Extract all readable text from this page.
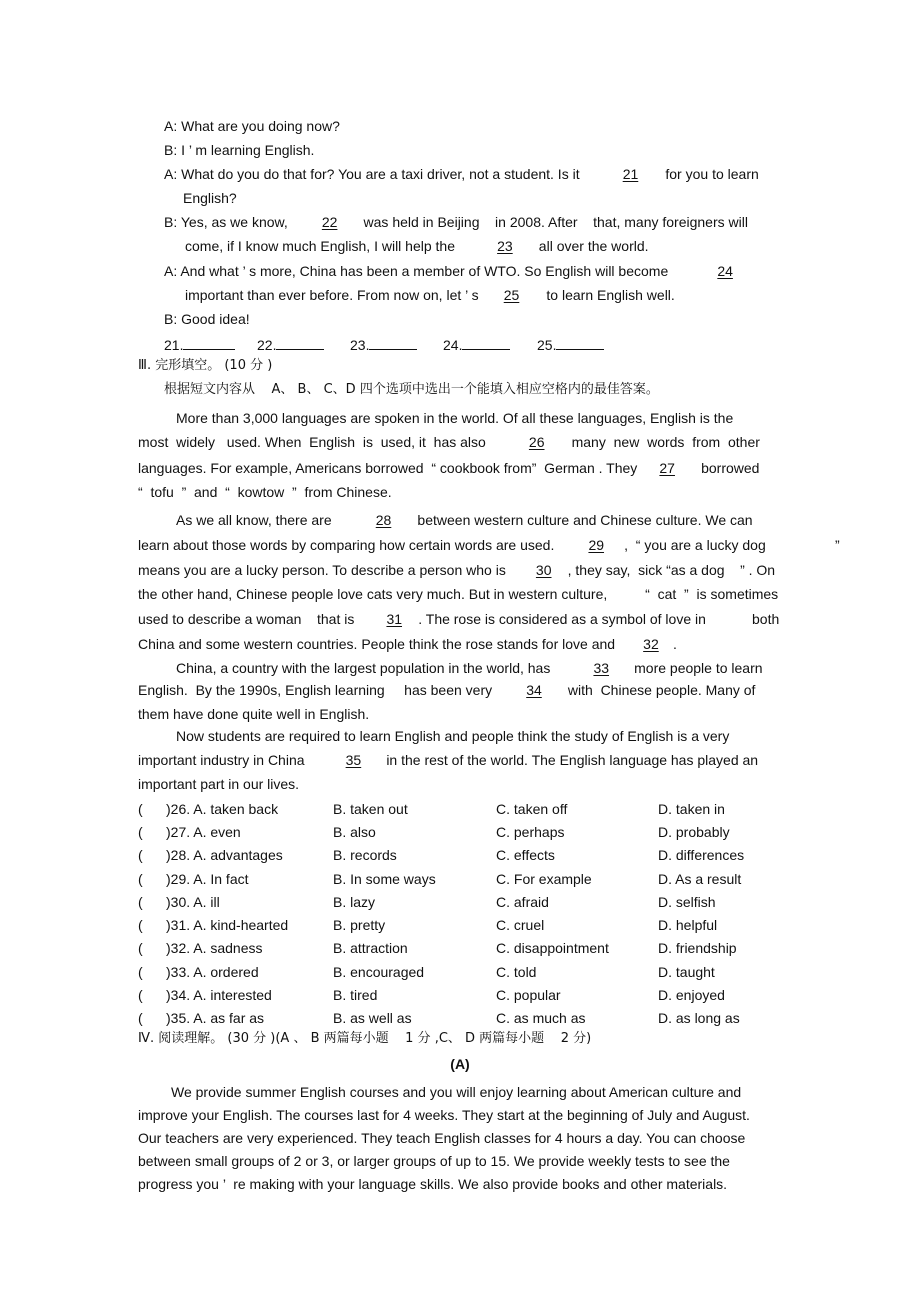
A: What are you doing now?
B: I ’ m learning English.
A: What do you do that for? You are a taxi driver, not a student. Is it	21 for you to learn
English?
B: Yes, as we know, 22 was held in Beijing    in 2008. After    that, many foreigners will
come, if I know much English, I will help the	23 all over the world.
A: And what ’ s more, China has been a member of WTO. So English will become	24
important than ever before. From now on, let ’ s 25 to learn English well.
B: Good idea!
21.	22.	23.	24.	25.
Ⅲ. 完形填空。 (10 分 )
根据短文内容从    A、 B、 C、D 四个选项中选出一个能填入相应空格内的最佳答案。
More than 3,000 languages are spoken in the world. Of all these languages, English is the
most  widely   used. When  English  is  used, it  has also	26 many  new  words  from  other
languages. For example, Americans borrowed  “ cookbook from”  German . They 27 borrowed
“  tofu  ”  and  “  kowtow  ”  from Chinese.
As we all know, there are	28 between western culture and Chinese culture. We can
learn about those words by comparing how certain words are used. 29 ,  “ you are a lucky dog	”
means you are a lucky person. To describe a person who is 30 , they say,  sick “as a dog    ” . On
the other hand, Chinese people love cats very much. But in western culture,	“  cat  ”  is sometimes
used to describe a woman    that is 31 . The rose is considered as a symbol of love in	both
China and some western countries. People think the rose stands for love and 32 .
China, a country with the largest population in the world, has	33 more people to learn
English.  By the 1990s, English learning     has been very 34 with  Chinese people. Many of
them have done quite well in English.
Now students are required to learn English and people think the study of English is a very
important industry in China	35 in the rest of the world. The English language has played an
important part in our lives.
(      )26. A. taken back	B. taken out	C. taken off	D. taken in
(      )27. A. even	B. also	C. perhaps	D. probably
(      )28. A. advantages	B. records	C. effects	D. differences
(      )29. A. In fact	B. In some ways	C. For example	D. As a result
(      )30. A. ill	B. lazy	C. afraid	D. selfish
(      )31. A. kind-hearted	B. pretty	C. cruel	D. helpful
(      )32. A. sadness	B. attraction	C. disappointment	D. friendship
(      )33. A. ordered	B. encouraged	C. told	D. taught
(      )34. A. interested	B. tired	C. popular	D. enjoyed
(      )35. A. as far as	B. as well as	C. as much as	D. as long as
Ⅳ. 阅读理解。 (30 分 )(A 、 B 两篇每小题    1 分 ,C、 D 两篇每小题    2 分)
(A)
We provide summer English courses and you will enjoy learning about American culture and
improve your English. The courses last for 4 weeks. They start at the beginning of July and August.
Our teachers are very experienced. They teach English classes for 4 hours a day. You can choose
between small groups of 2 or 3, or larger groups of up to 15. We provide weekly tests to see the
progress you ’  re making with your language skills. We also provide books and other materials.
